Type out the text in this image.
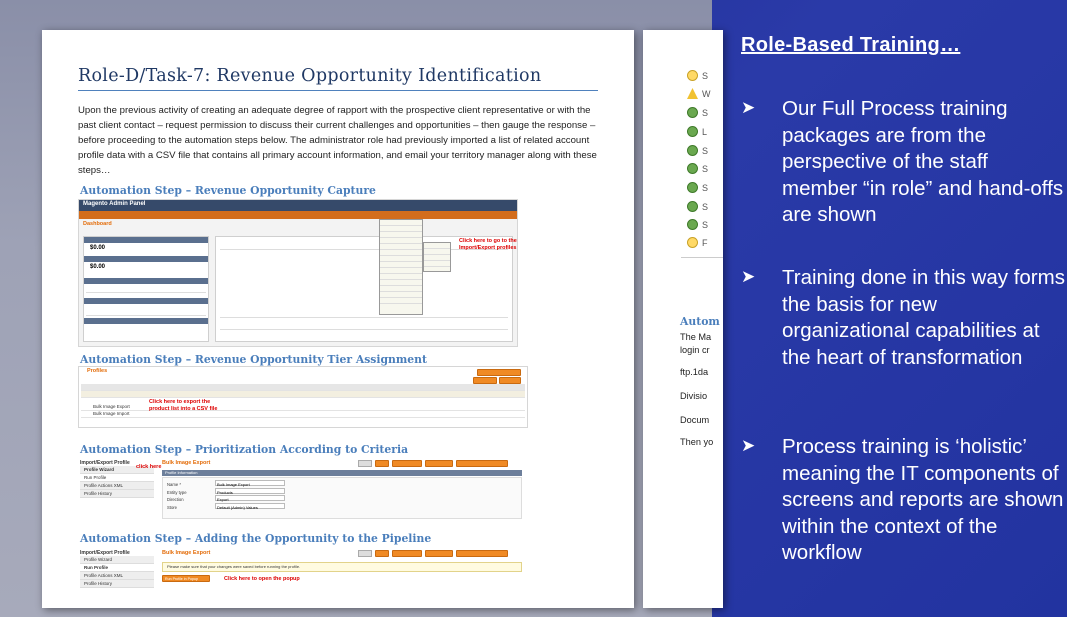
Role-D/Task-7: Revenue Opportunity Identification
Upon the previous activity of creating an adequate degree of rapport with the prospective client representative or with the past client contact – request permission to discuss their current challenges and opportunities – then gauge the response – before proceeding to the automation steps below. The administrator role had previously imported a list of related account profile data with a CSV file that contains all primary account information, and email your territory manager along with these steps…
Automation Step – Revenue Opportunity Capture
Magento Admin Panel
Dashboard
$0.00
$0.00
Click here to go to the Import/Export profiles
Automation Step – Revenue Opportunity Tier Assignment
Profiles
Bulk Image Export
Bulk Image Import
Click here to export the product list into a CSV file
Automation Step – Prioritization According to Criteria
Import/Export Profile
Profile Wizard
Run Profile
Profile Actions XML
Profile History
click here
Bulk Image Export
Profile Information
Name *
Entity type
Direction
Store
Bulk Image Export
Products
Export
Default (Admin) Values
Automation Step – Adding the Opportunity to the Pipeline
Import/Export Profile
Profile Wizard
Run Profile
Profile Actions XML
Profile History
Bulk Image Export
Please make sure that your changes were saved before running the profile.
Run Profile in Popup	Click here to open the popup
S
W
S
L
S
S
S
S
S
F
Autom
The Ma
login cr
ftp.1da
Divisio
Docum
Then yo
Role-Based Training…
➤ Our Full Process training packages are from the perspective of the staff member “in role” and hand-offs are shown
➤ Training done in this way forms the basis for new organizational capabilities at the heart of transformation
➤ Process training is ‘holistic’ meaning the IT components of screens and reports are shown within the context of the workflow
